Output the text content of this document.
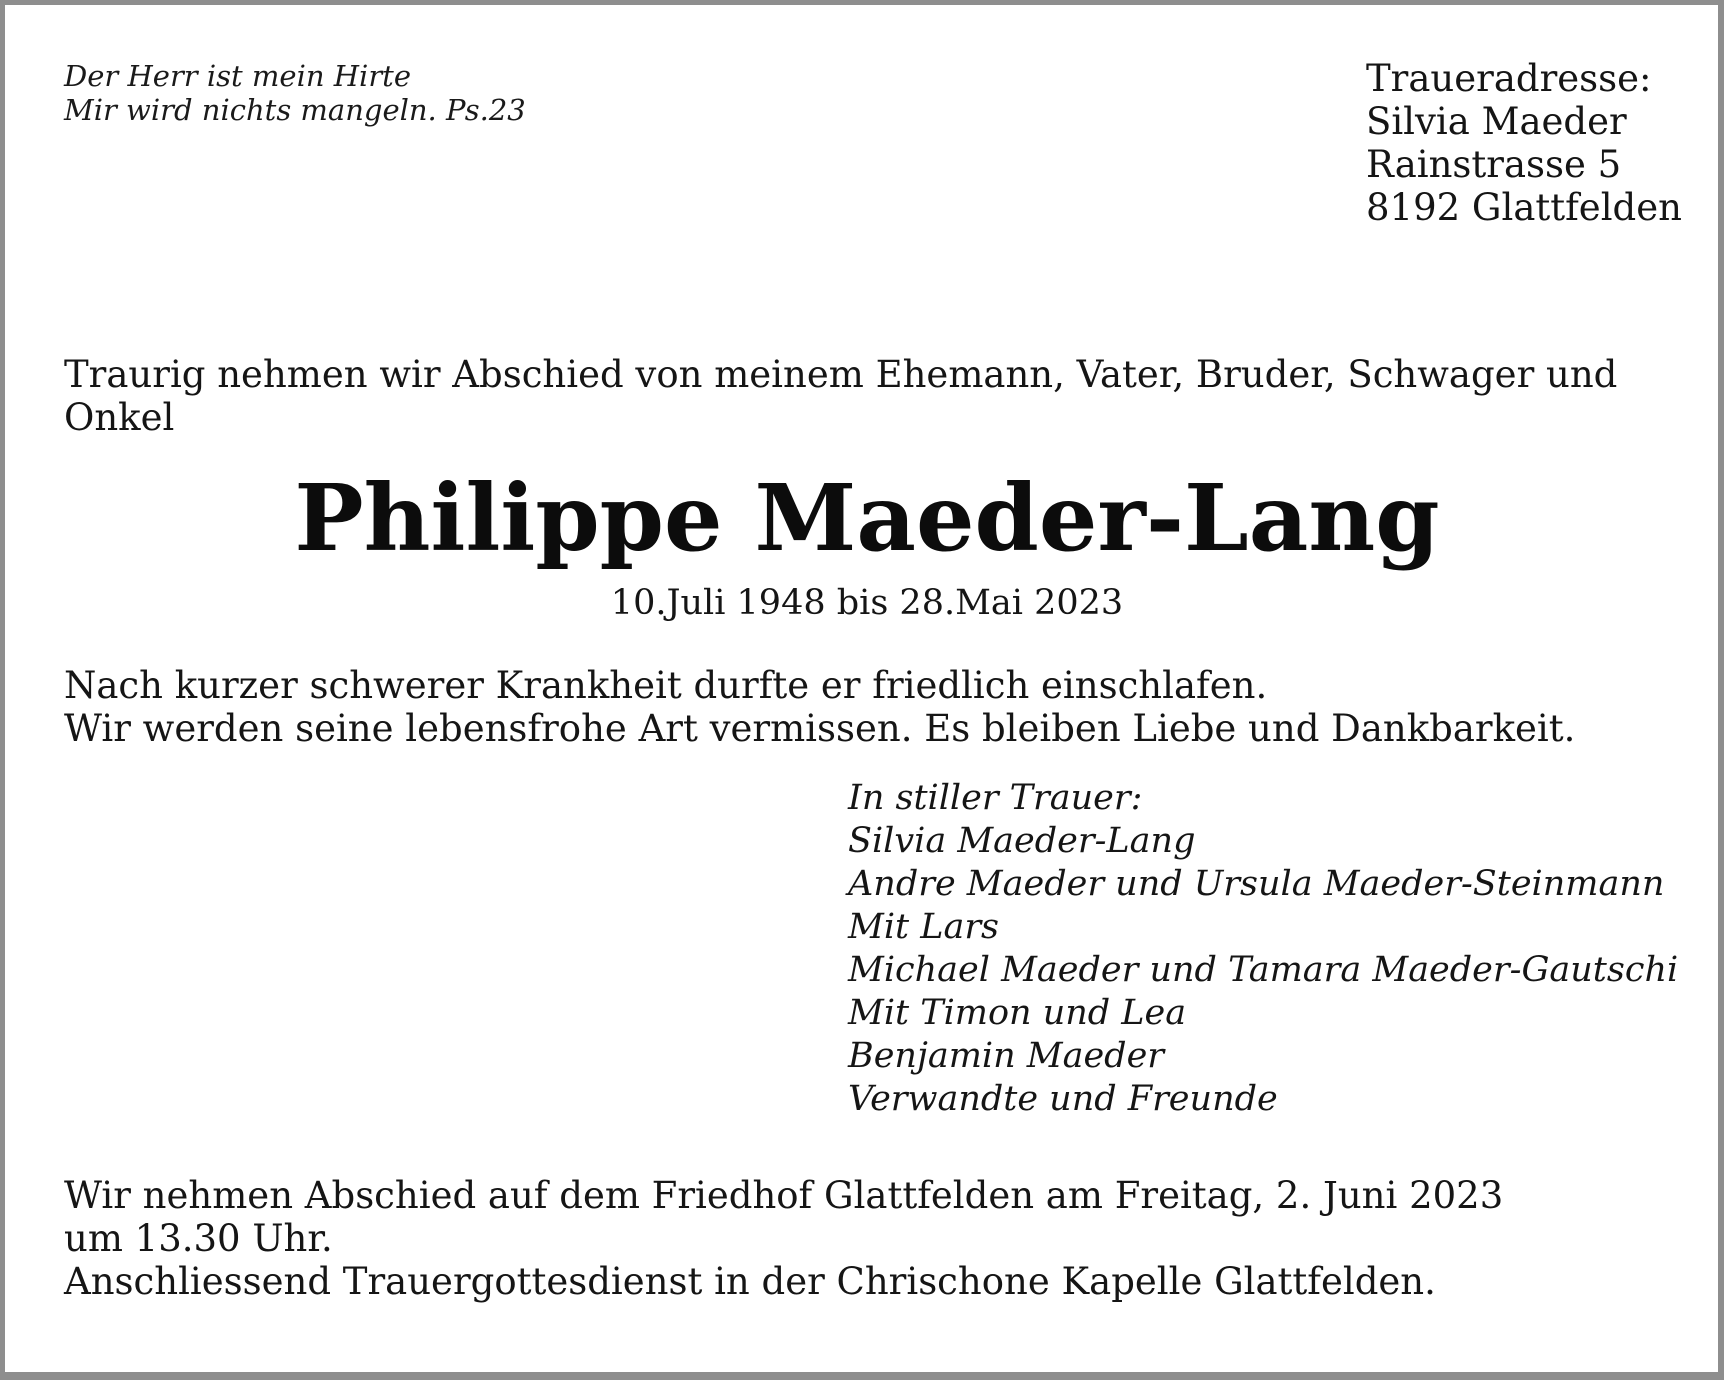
Der Herr ist mein Hirte
Mir wird nichts mangeln. Ps.23
Traueradresse:
Silvia Maeder
Rainstrasse 5
8192 Glattfelden
Traurig nehmen wir Abschied von meinem Ehemann, Vater, Bruder, Schwager und
Onkel
Philippe Maeder-Lang
10.Juli 1948 bis 28.Mai 2023
Nach kurzer schwerer Krankheit durfte er friedlich einschlafen.
Wir werden seine lebensfrohe Art vermissen. Es bleiben Liebe und Dankbarkeit.
In stiller Trauer:
Silvia Maeder-Lang
Andre Maeder und Ursula Maeder-Steinmann
Mit Lars
Michael Maeder und Tamara Maeder-Gautschi
Mit Timon und Lea
Benjamin Maeder
Verwandte und Freunde
Wir nehmen Abschied auf dem Friedhof Glattfelden am Freitag, 2. Juni 2023
um 13.30 Uhr.
Anschliessend Trauergottesdienst in der Chrischone Kapelle Glattfelden.
